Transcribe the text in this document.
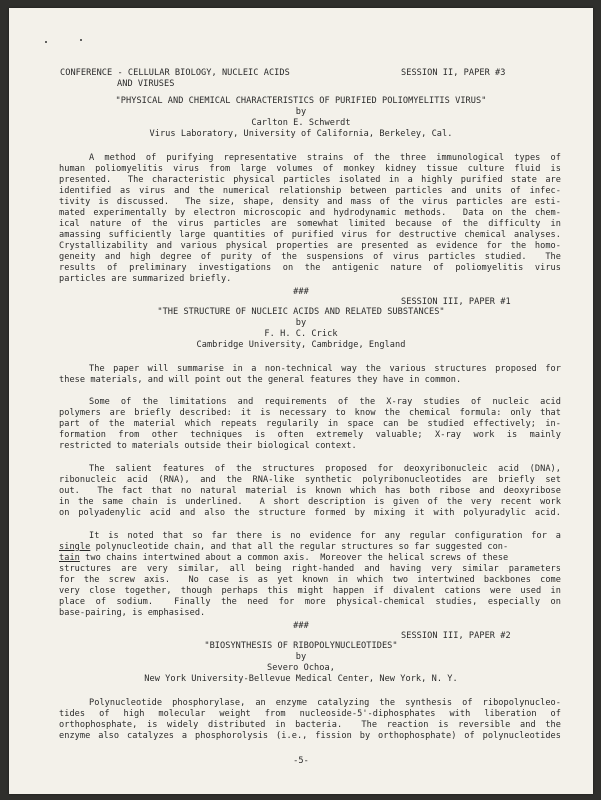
CONFERENCE - CELLULAR BIOLOGY, NUCLEIC ACIDS
AND VIRUSES
SESSION II, PAPER #3
"PHYSICAL AND CHEMICAL CHARACTERISTICS OF PURIFIED POLIOMYELITIS VIRUS"
by
Carlton E. Schwerdt
Virus Laboratory, University of California, Berkeley, Cal.
A method of purifying representative strains of the three immunological types of
human poliomyelitis virus from large volumes of monkey kidney tissue culture fluid is
presented.  The characteristic physical particles isolated in a highly purified state are
identified as virus and the numerical relationship between particles and units of infec-
tivity is discussed.  The size, shape, density and mass of the virus particles are esti-
mated experimentally by electron microscopic and hydrodynamic methods.  Data on the chem-
ical nature of the virus particles are somewhat limited because of the difficulty in
amassing sufficiently large quantities of purified virus for destructive chemical analyses.
Crystallizability and various physical properties are presented as evidence for the homo-
geneity and high degree of purity of the suspensions of virus particles studied.  The
results of preliminary investigations on the antigenic nature of poliomyelitis virus
particles are summarized briefly.
###
SESSION III, PAPER #1
"THE STRUCTURE OF NUCLEIC ACIDS AND RELATED SUBSTANCES"
by
F. H. C. Crick
Cambridge University, Cambridge, England
The paper will summarise in a non-technical way the various structures proposed for
these materials, and will point out the general features they have in common.
Some of the limitations and requirements of the X-ray studies of nucleic acid
polymers are briefly described: it is necessary to know the chemical formula: only that
part of the material which repeats regularily in space can be studied effectively; in-
formation from other techniques is often extremely valuable; X-ray work is mainly
restricted to materials outside their biological context.
The salient features of the structures proposed for deoxyribonucleic acid (DNA),
ribonucleic acid (RNA), and the RNA-like synthetic polyribonucleotides are briefly set
out.  The fact that no natural material is known which has both ribose and deoxyribose
in the same chain is underlined.  A short description is given of the very recent work
on polyadenylic acid and also the structure formed by mixing it with polyuradylic acid.
It is noted that so far there is no evidence for any regular configuration for a
single polynucleotide chain, and that all the regular structures so far suggested con-
tain two chains intertwined about a common axis.  Moreover the helical screws of these
structures are very similar, all being right-handed and having very similar parameters
for the screw axis.  No case is as yet known in which two intertwined backbones come
very close together, though perhaps this might happen if divalent cations were used in
place of sodium.  Finally the need for more physical-chemical studies, especially on
base-pairing, is emphasised.
###
SESSION III, PAPER #2
"BIOSYNTHESIS OF RIBOPOLYNUCLEOTIDES"
by
Severo Ochoa,
New York University-Bellevue Medical Center, New York, N. Y.
Polynucleotide phosphorylase, an enzyme catalyzing the synthesis of ribopolynucleo-
tides of high molecular weight from nucleoside-5'-diphosphates with liberation of
orthophosphate, is widely distributed in bacteria.  The reaction is reversible and the
enzyme also catalyzes a phosphorolysis (i.e., fission by orthophosphate) of polynucleotides
-5-
